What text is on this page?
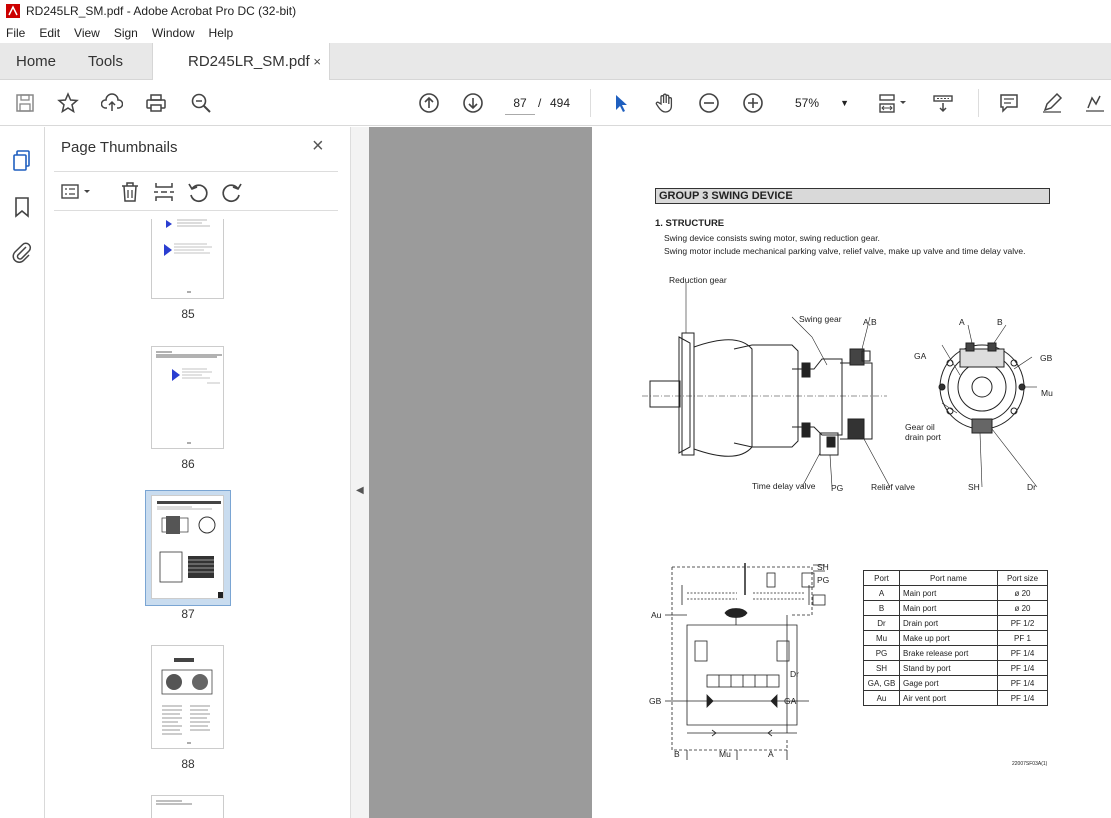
RD245LR_SM.pdf - Adobe Acrobat Pro DC (32-bit)
File Edit View Sign Window Help
Home Tools	RD245LR_SM.pdf ×
87 / 494	57% ▼
Page Thumbnails	×
85
86
87
88
◀
GROUP 3 SWING DEVICE
1. STRUCTURE
Swing device consists swing motor, swing reduction gear.
Swing motor include mechanical parking valve, relief valve, make up valve and time delay valve.
Reduction gear
Swing gear	A,B	A	B
GA	GB
Mu
Gear oil
drain port
Time delay valve PG	Relief valve	SH	Dr
SH
PG
Au
Dr
GB	GA
B	Mu	A
Port	Port name	Port size
A	Main port	ø 20
B	Main port	ø 20
Dr	Drain port	PF 1/2
Mu	Make up port	PF 1
PG	Brake release port	PF 1/4
SH	Stand by port	PF 1/4
GA, GB	Gage port	PF 1/4
Au	Air vent port	PF 1/4
22007SF03A(1)
